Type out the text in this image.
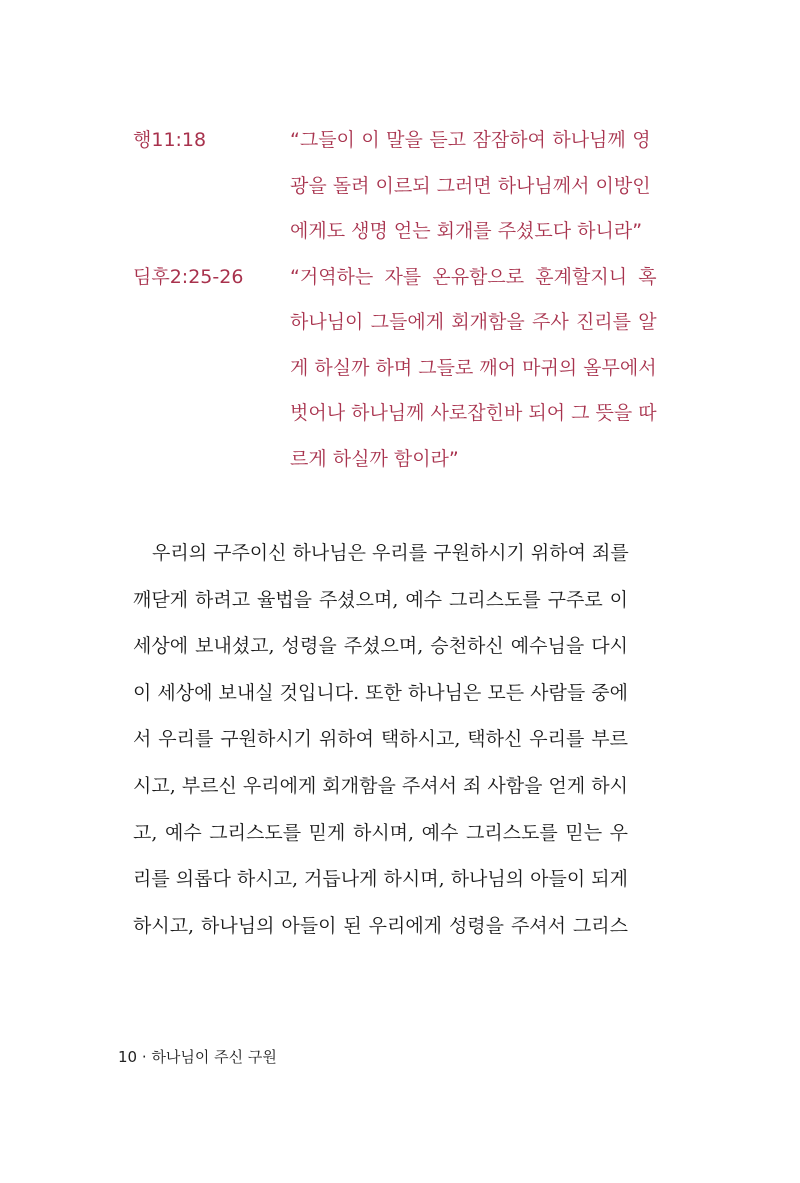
행11:18	“그들이 이 말을 듣고 잠잠하여 하나님께 영
광을 돌려 이르되 그러면 하나님께서 이방인
에게도 생명 얻는 회개를 주셨도다 하니라”
딤후2:25-26	“거역하는 자를 온유함으로 훈계할지니 혹
하나님이 그들에게 회개함을 주사 진리를 알
게 하실까 하며 그들로 깨어 마귀의 올무에서
벗어나 하나님께 사로잡힌바 되어 그 뜻을 따
르게 하실까 함이라”
우리의 구주이신 하나님은 우리를 구원하시기 위하여 죄를
깨닫게 하려고 율법을 주셨으며, 예수 그리스도를 구주로 이
세상에 보내셨고, 성령을 주셨으며, 승천하신 예수님을 다시
이 세상에 보내실 것입니다. 또한 하나님은 모든 사람들 중에
서 우리를 구원하시기 위하여 택하시고, 택하신 우리를 부르
시고, 부르신 우리에게 회개함을 주셔서 죄 사함을 얻게 하시
고, 예수 그리스도를 믿게 하시며, 예수 그리스도를 믿는 우
리를 의롭다 하시고, 거듭나게 하시며, 하나님의 아들이 되게
하시고, 하나님의 아들이 된 우리에게 성령을 주셔서 그리스
10 · 하나님이 주신 구원
